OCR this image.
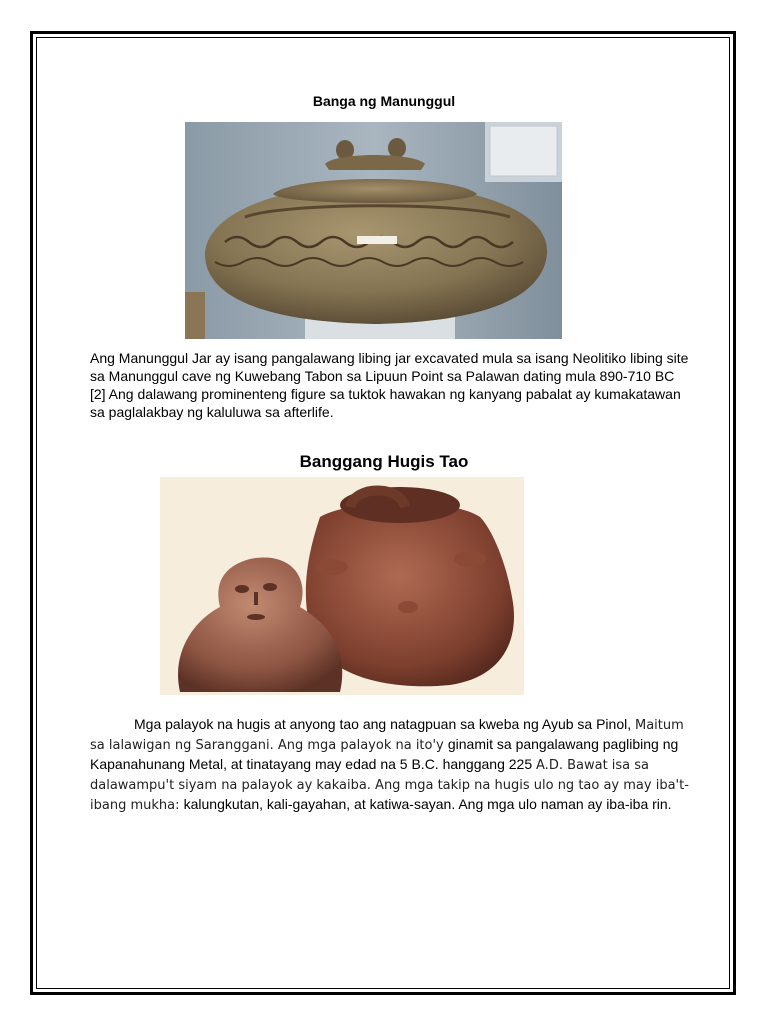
Banga ng Manunggul

Ang Manunggul Jar ay isang pangalawang libing jar excavated mula sa isang Neolitiko libing site sa Manunggul cave ng Kuwebang Tabon sa Lipuun Point sa Palawan dating mula 890-710 BC [2] Ang dalawang prominenteng figure sa tuktok hawakan ng kanyang pabalat ay kumakatawan sa paglalakbay ng kaluluwa sa afterlife.

Banggang Hugis Tao

Mga palayok na hugis at anyong tao ang natagpuan sa kweba ng Ayub sa Pinol, Maitum sa lalawigan ng Saranggani. Ang mga palayok na ito'y ginamit sa pangalawang paglibing ng Kapanahunang Metal, at tinatayang may edad na 5 B.C. hanggang 225 A.D. Bawat isa sa dalawampu't siyam na palayok ay kakaiba. Ang mga takip na hugis ulo ng tao ay may iba't-ibang mukha: kalungkutan, kali-gayahan, at katiwa-sayan. Ang mga ulo naman ay iba-iba rin.
